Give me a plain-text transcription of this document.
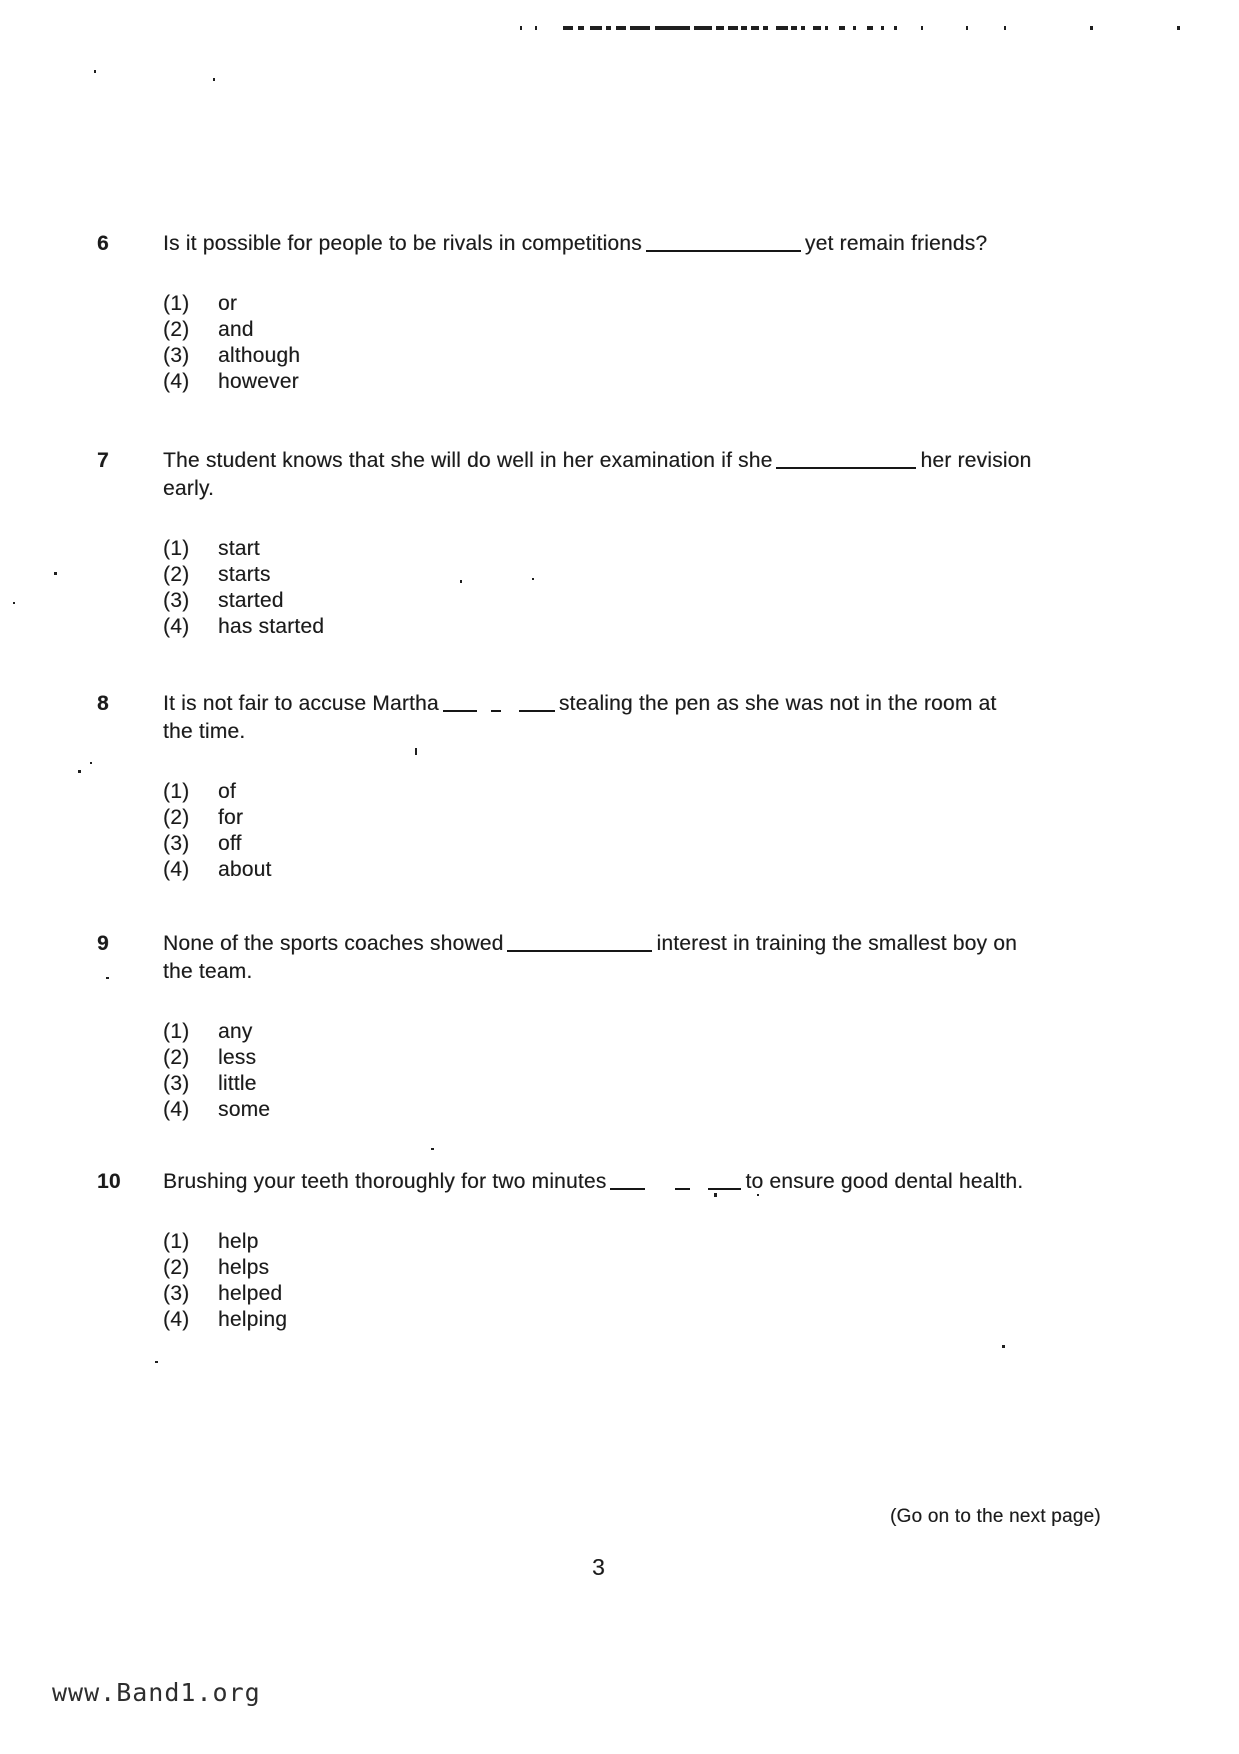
6	Is it possible for people to be rivals in competitions	yet remain friends?
(1)	or
(2)	and
(3)	although
(4)	however
7	The student knows that she will do well in her examination if she	her revision
early.
(1)	start
(2)	starts
(3)	started
(4)	has started
8	It is not fair to accuse Martha	stealing the pen as she was not in the room at
the time.
(1)	of
(2)	for
(3)	off
(4)	about
9	None of the sports coaches showed	interest in training the smallest boy on
the team.
(1)	any
(2)	less
(3)	little
(4)	some
10	Brushing your teeth thoroughly for two minutes	to ensure good dental health.
(1)	help
(2)	helps
(3)	helped
(4)	helping
(Go on to the next page)
3
www.Band1.org
